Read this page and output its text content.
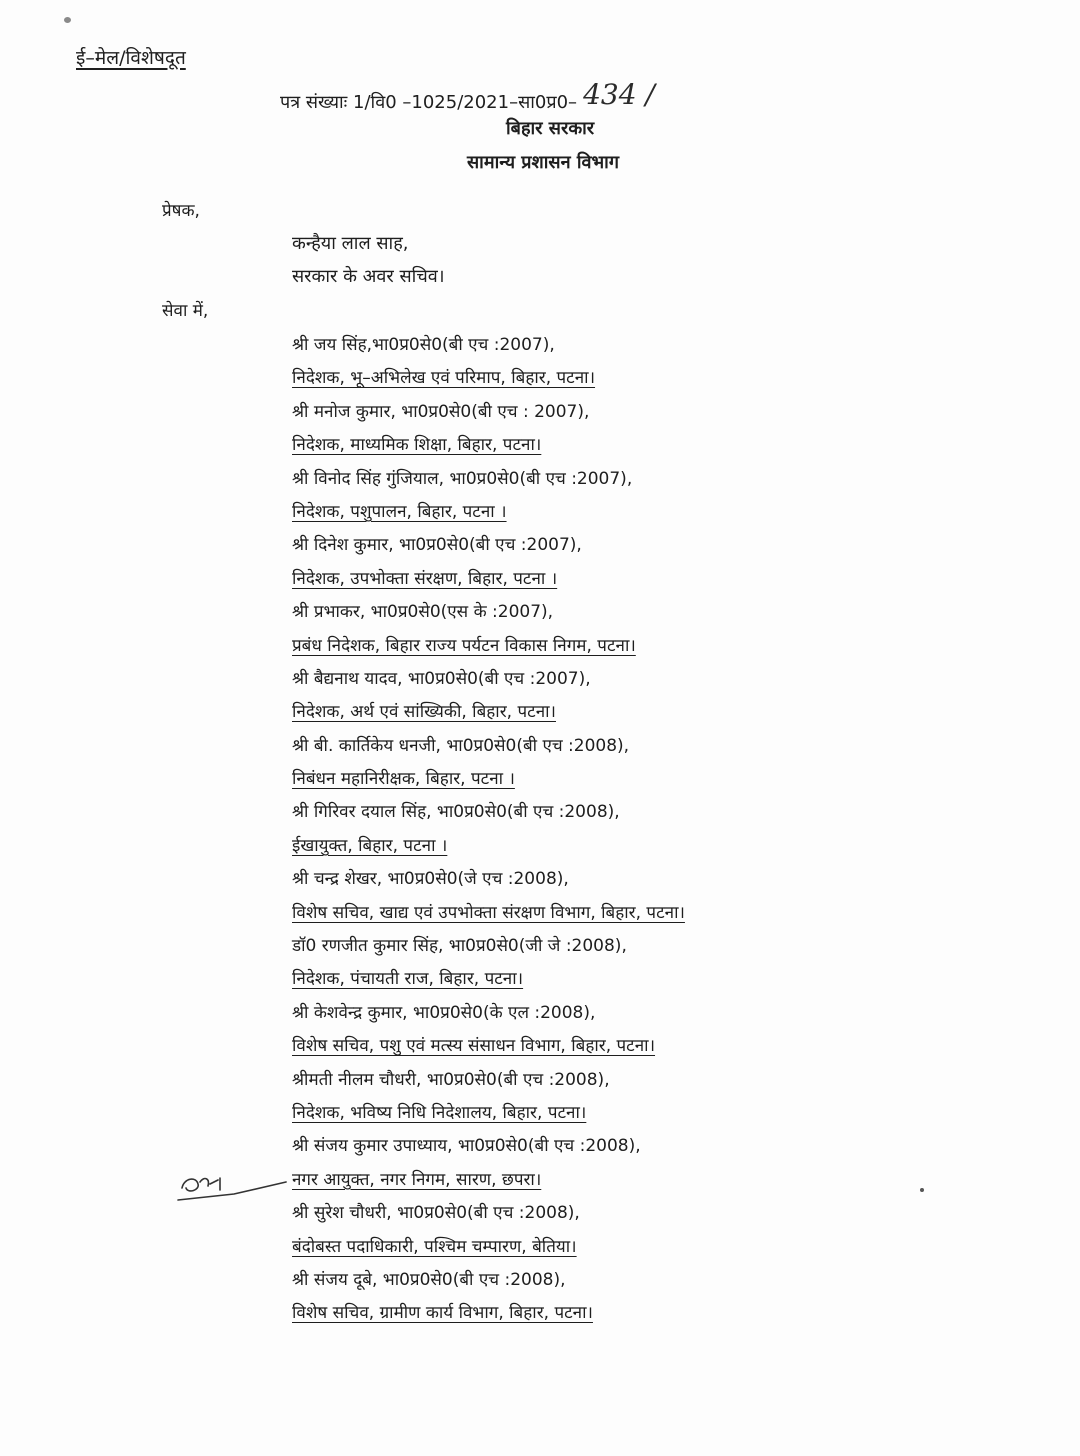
ई–मेल/विशेषदूत
पत्र संख्याः 1/वि0 –1025/2021–सा0प्र0– 434 /
बिहार सरकार
सामान्य प्रशासन विभाग
प्रेषक,
कन्हैया लाल साह,
सरकार के अवर सचिव।
सेवा में,
श्री जय सिंह,भा0प्र0से0(बी एच :2007),
निदेशक, भू–अभिलेख एवं परिमाप, बिहार, पटना।
श्री मनोज कुमार, भा0प्र0से0(बी एच : 2007),
निदेशक, माध्यमिक शिक्षा, बिहार, पटना।
श्री विनोद सिंह गुंजियाल, भा0प्र0से0(बी एच :2007),
निदेशक, पशुपालन, बिहार, पटना ।
श्री दिनेश कुमार, भा0प्र0से0(बी एच :2007),
निदेशक, उपभोक्ता संरक्षण, बिहार, पटना ।
श्री प्रभाकर, भा0प्र0से0(एस के :2007),
प्रबंध निदेशक, बिहार राज्य पर्यटन विकास निगम, पटना।
श्री बैद्यनाथ यादव, भा0प्र0से0(बी एच :2007),
निदेशक, अर्थ एवं सांख्यिकी, बिहार, पटना।
श्री बी. कार्तिकेय धनजी, भा0प्र0से0(बी एच :2008),
निबंधन महानिरीक्षक, बिहार, पटना ।
श्री गिरिवर दयाल सिंह, भा0प्र0से0(बी एच :2008),
ईखायुक्त, बिहार, पटना ।
श्री चन्द्र शेखर, भा0प्र0से0(जे एच :2008),
विशेष सचिव, खाद्य एवं उपभोक्ता संरक्षण विभाग, बिहार, पटना।
डॉ0 रणजीत कुमार सिंह, भा0प्र0से0(जी जे :2008),
निदेशक, पंचायती राज, बिहार, पटना।
श्री केशवेन्द्र कुमार, भा0प्र0से0(के एल :2008),
विशेष सचिव, पशु एवं मत्स्य संसाधन विभाग, बिहार, पटना।
श्रीमती नीलम चौधरी, भा0प्र0से0(बी एच :2008),
निदेशक, भविष्य निधि निदेशालय, बिहार, पटना।
श्री संजय कुमार उपाध्याय, भा0प्र0से0(बी एच :2008),
नगर आयुक्त, नगर निगम, सारण, छपरा।
श्री सुरेश चौधरी, भा0प्र0से0(बी एच :2008),
बंदोबस्त पदाधिकारी, पश्चिम चम्पारण, बेतिया।
श्री संजय दूबे, भा0प्र0से0(बी एच :2008),
विशेष सचिव, ग्रामीण कार्य विभाग, बिहार, पटना।
